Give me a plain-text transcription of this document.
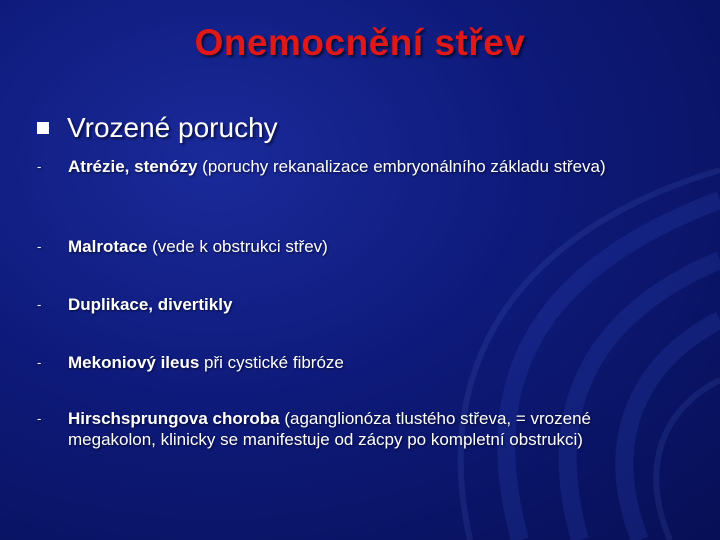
Onemocnění střev
Vrozené poruchy
-	Atrézie, stenózy (poruchy rekanalizace embryonálního základu střeva)
-	Malrotace (vede k obstrukci střev)
-	Duplikace, divertikly
-	Mekoniový ileus při cystické fibróze
-	Hirschsprungova choroba (aganglionóza tlustého střeva, = vrozené megakolon, klinicky se manifestuje od zácpy po kompletní obstrukci)
